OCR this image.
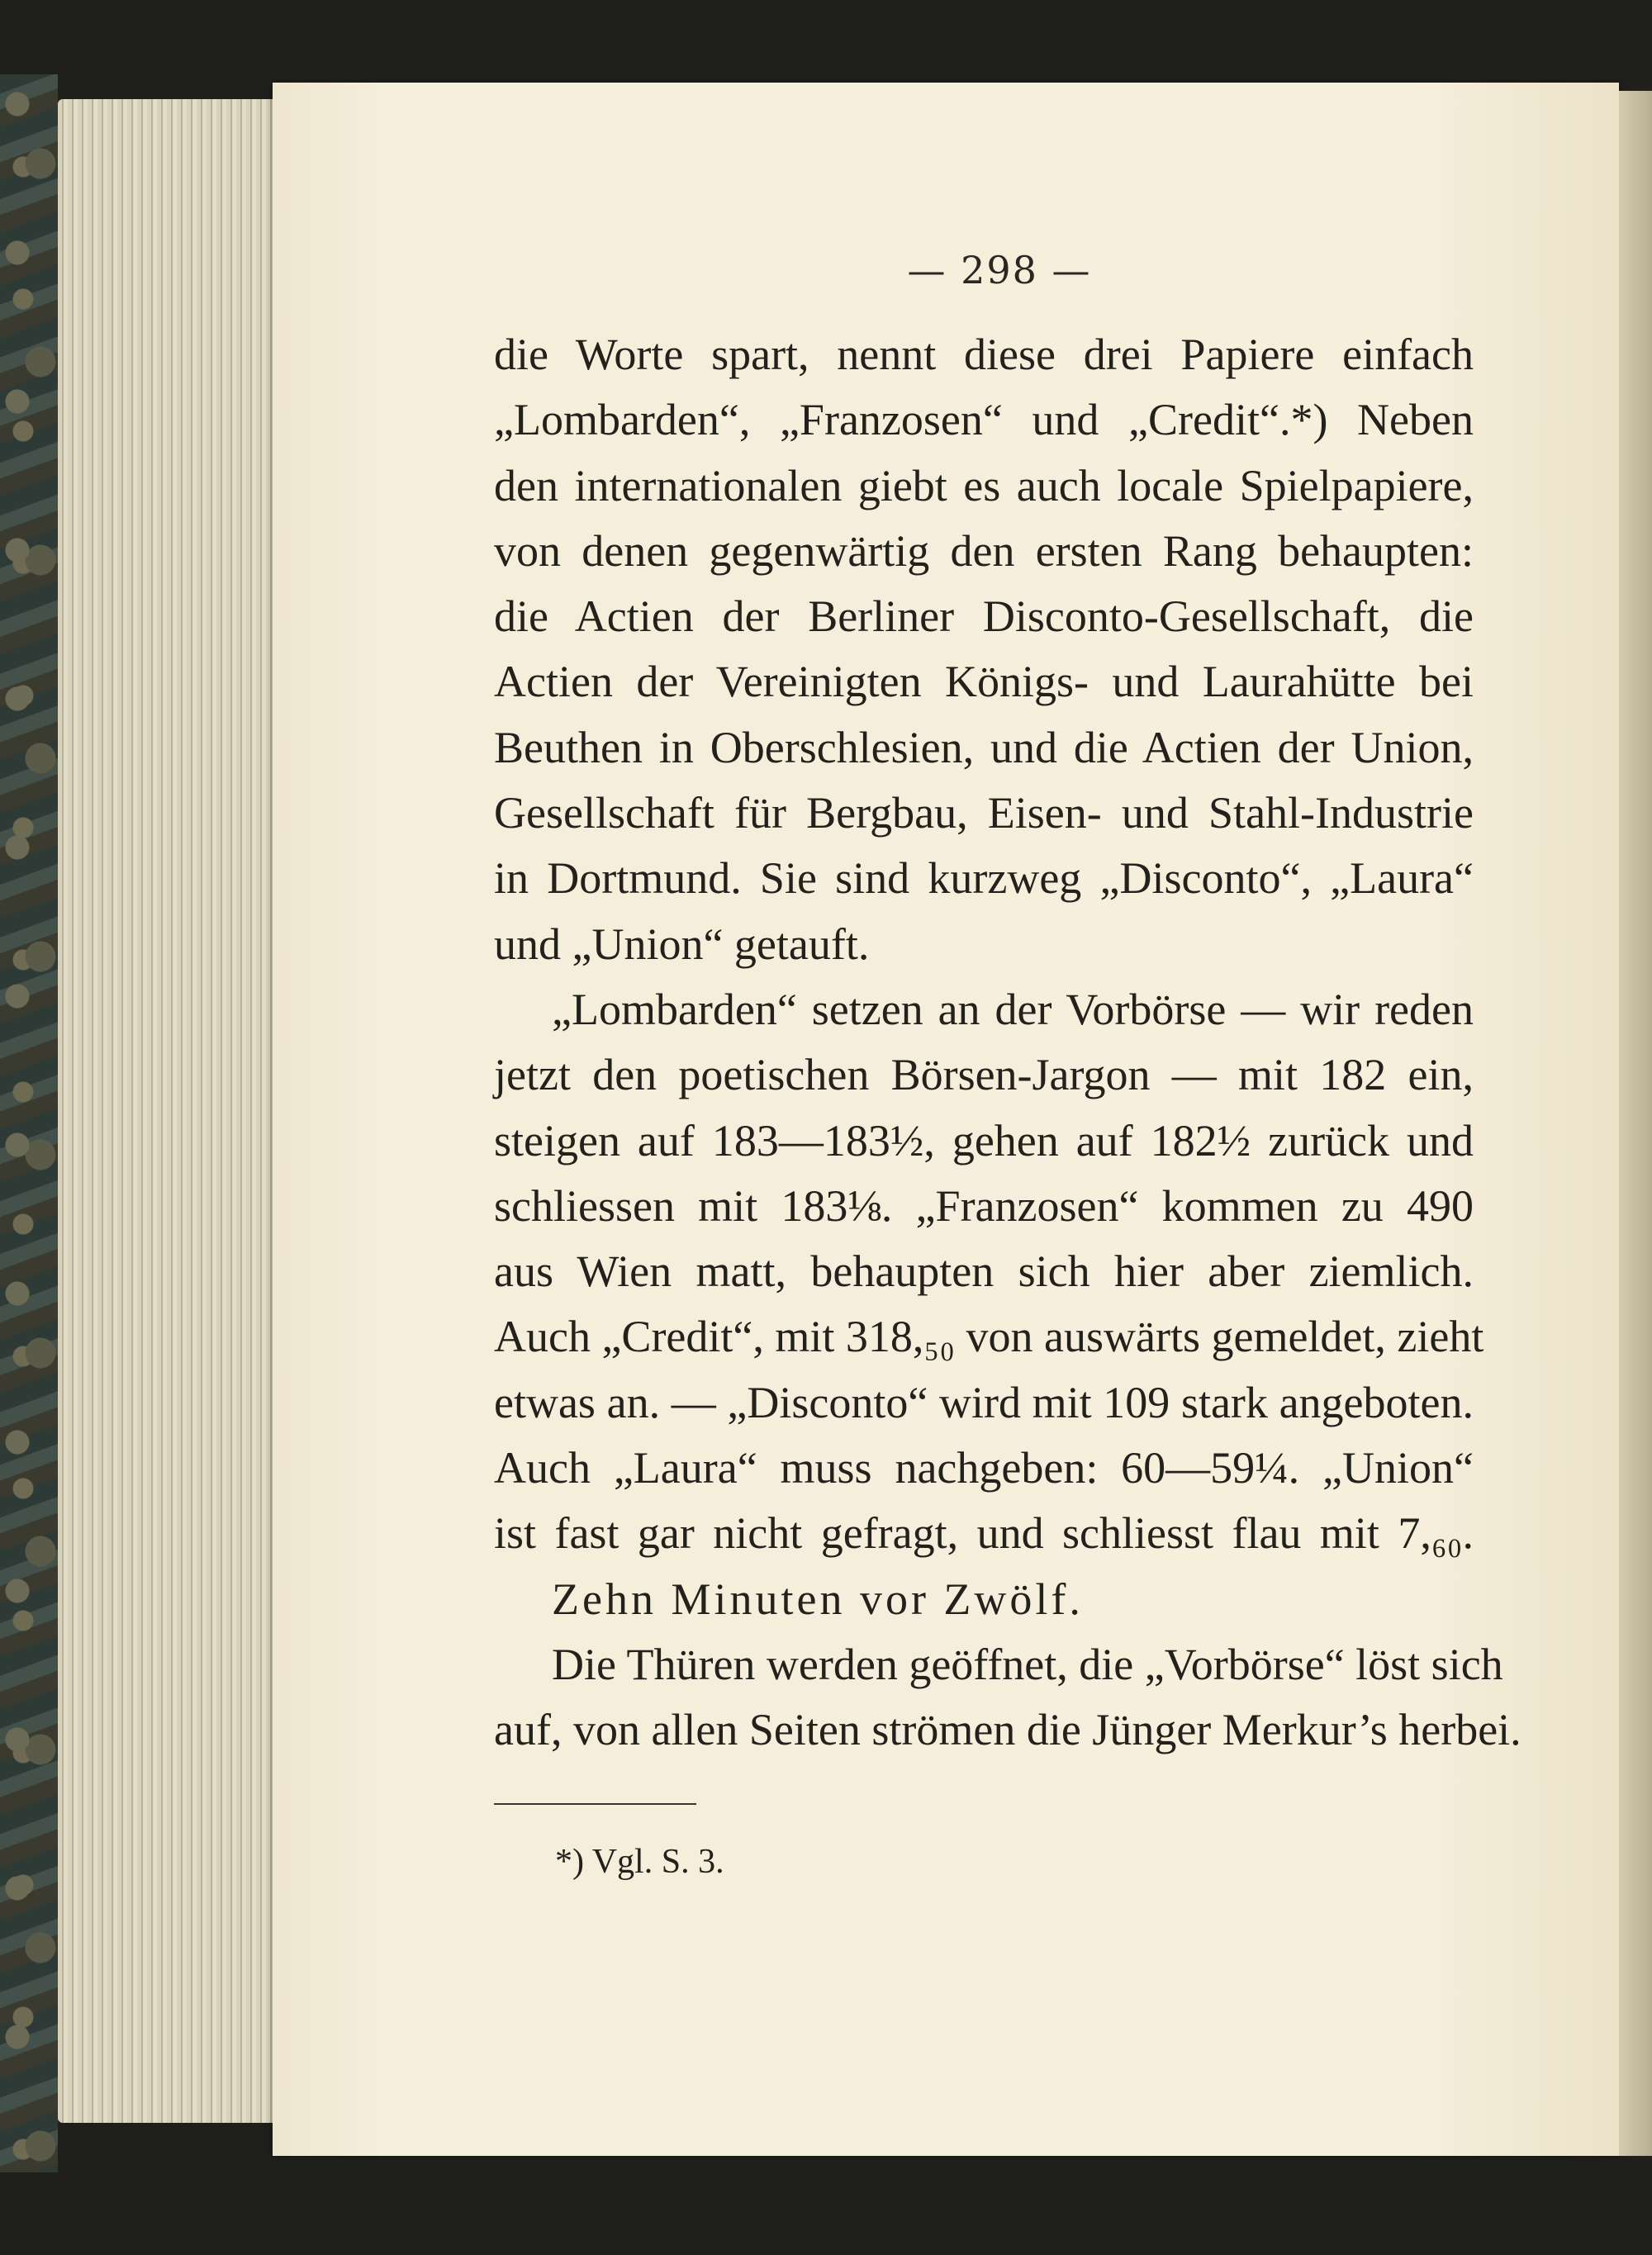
— 298 —
die Worte spart, nennt diese drei Papiere einfach
„Lombarden“, „Franzosen“ und „Credit“.*) Neben
den internationalen giebt es auch locale Spielpapiere,
von denen gegenwärtig den ersten Rang behaupten:
die Actien der Berliner Disconto-Gesellschaft, die
Actien der Vereinigten Königs- und Laurahütte bei
Beuthen in Oberschlesien, und die Actien der Union,
Gesellschaft für Bergbau, Eisen- und Stahl-Industrie
in Dortmund. Sie sind kurzweg „Disconto“, „Laura“
und „Union“ getauft.
„Lombarden“ setzen an der Vorbörse — wir reden
jetzt den poetischen Börsen-Jargon — mit 182 ein,
steigen auf 183—183½, gehen auf 182½ zurück und
schliessen mit 183⅛. „Franzosen“ kommen zu 490
aus Wien matt, behaupten sich hier aber ziemlich.
Auch „Credit“, mit 318,₅₀ von auswärts gemeldet, zieht
etwas an. — „Disconto“ wird mit 109 stark angeboten.
Auch „Laura“ muss nachgeben: 60—59¼. „Union“
ist fast gar nicht gefragt, und schliesst flau mit 7,₆₀.
Zehn Minuten vor Zwölf.
Die Thüren werden geöffnet, die „Vorbörse“ löst sich
auf, von allen Seiten strömen die Jünger Merkur’s herbei.
*) Vgl. S. 3.
